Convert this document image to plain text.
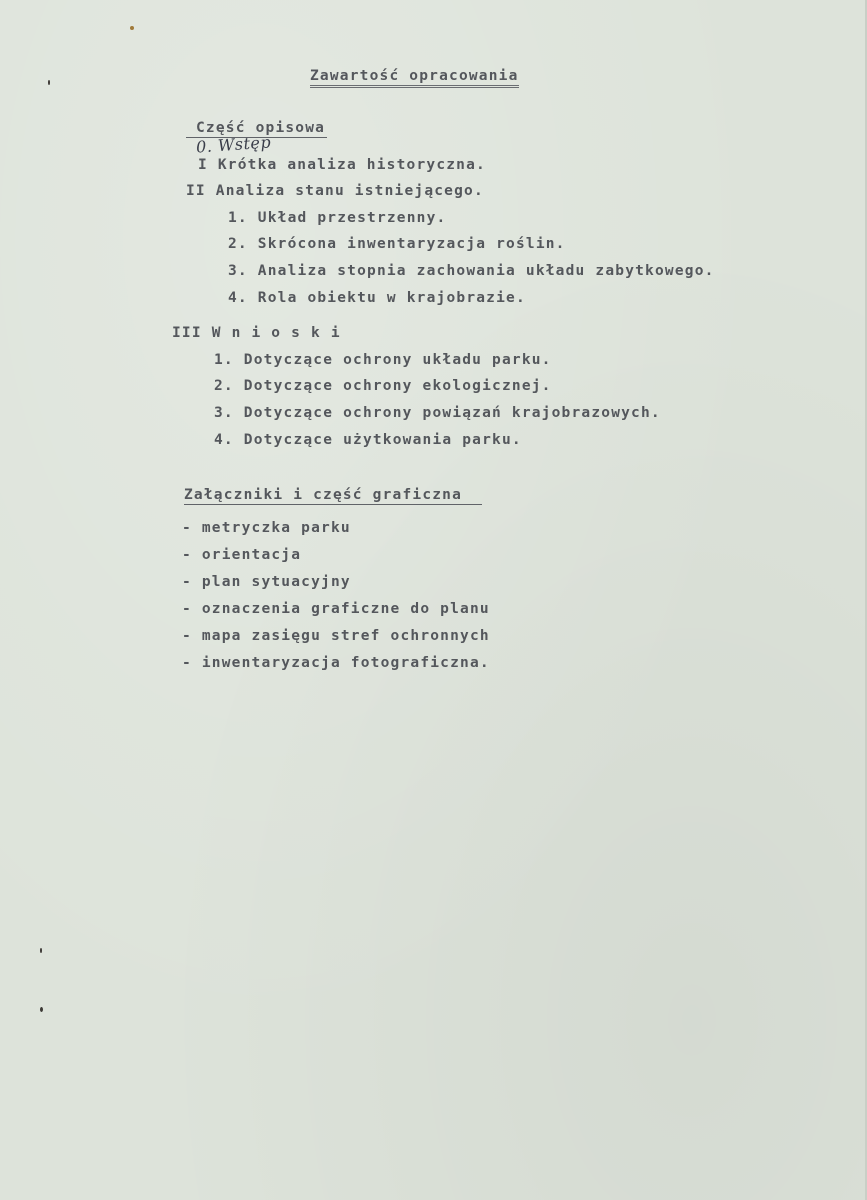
Zawartość opracowania
Część opisowa
0. Wstęp
I Krótka analiza historyczna.
II Analiza stanu istniejącego.
1. Układ przestrzenny.
2. Skrócona inwentaryzacja roślin.
3. Analiza stopnia zachowania układu zabytkowego.
4. Rola obiektu w krajobrazie.
III W n i o s k i
1. Dotyczące ochrony układu parku.
2. Dotyczące ochrony ekologicznej.
3. Dotyczące ochrony powiązań krajobrazowych.
4. Dotyczące użytkowania parku.
Załączniki i część graficzna
- metryczka parku
- orientacja
- plan sytuacyjny
- oznaczenia graficzne do planu
- mapa zasięgu stref ochronnych
- inwentaryzacja fotograficzna.
